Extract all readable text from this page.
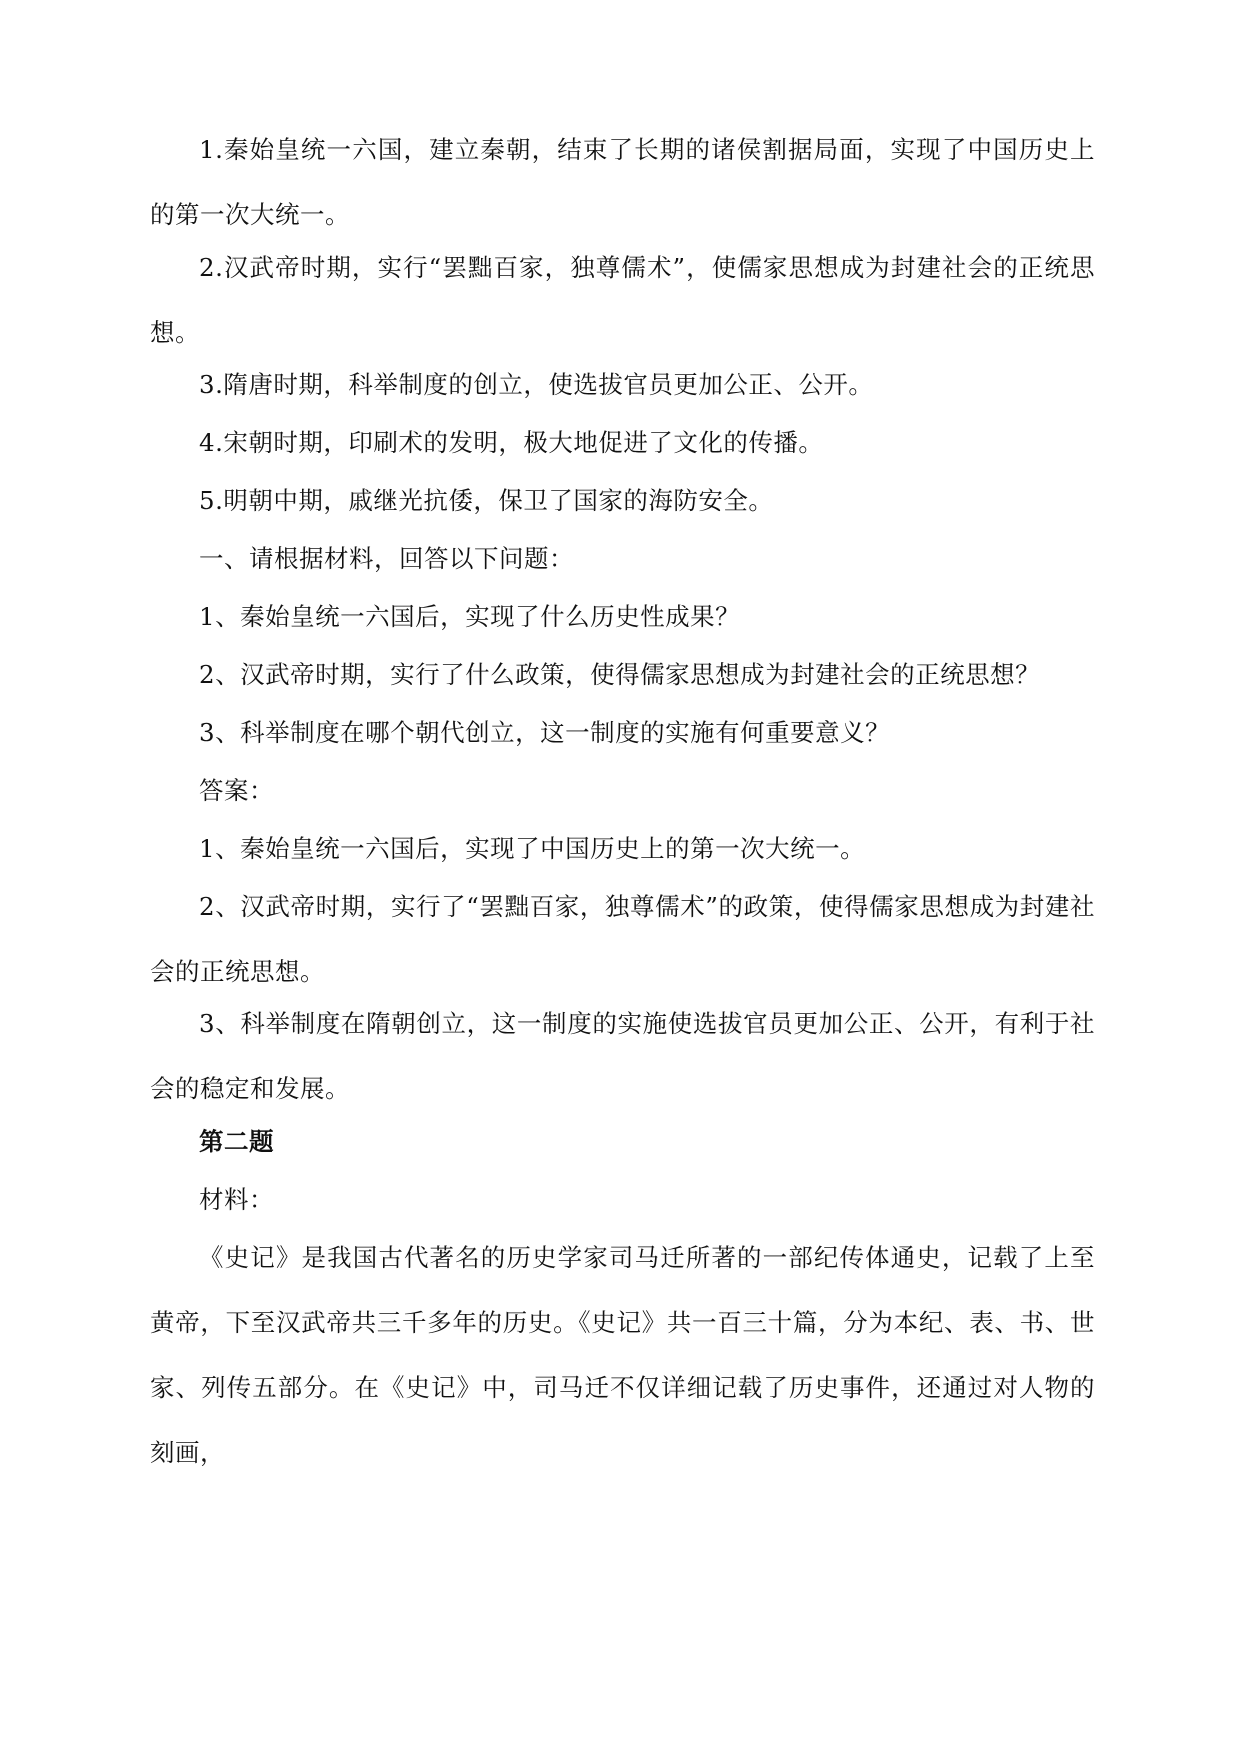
1.秦始皇统一六国，建立秦朝，结束了长期的诸侯割据局面，实现了中国历史上的第一次大统一。

2.汉武帝时期，实行“罢黜百家，独尊儒术”，使儒家思想成为封建社会的正统思想。

3.隋唐时期，科举制度的创立，使选拔官员更加公正、公开。

4.宋朝时期，印刷术的发明，极大地促进了文化的传播。

5.明朝中期，戚继光抗倭，保卫了国家的海防安全。

一、请根据材料，回答以下问题：

1、秦始皇统一六国后，实现了什么历史性成果？

2、汉武帝时期，实行了什么政策，使得儒家思想成为封建社会的正统思想？

3、科举制度在哪个朝代创立，这一制度的实施有何重要意义？

答案：

1、秦始皇统一六国后，实现了中国历史上的第一次大统一。

2、汉武帝时期，实行了“罢黜百家，独尊儒术”的政策，使得儒家思想成为封建社会的正统思想。

3、科举制度在隋朝创立，这一制度的实施使选拔官员更加公正、公开，有利于社会的稳定和发展。

第二题

材料：

《史记》是我国古代著名的历史学家司马迁所著的一部纪传体通史，记载了上至黄帝，下至汉武帝共三千多年的历史。《史记》共一百三十篇，分为本纪、表、书、世家、列传五部分。在《史记》中，司马迁不仅详细记载了历史事件，还通过对人物的刻画，
